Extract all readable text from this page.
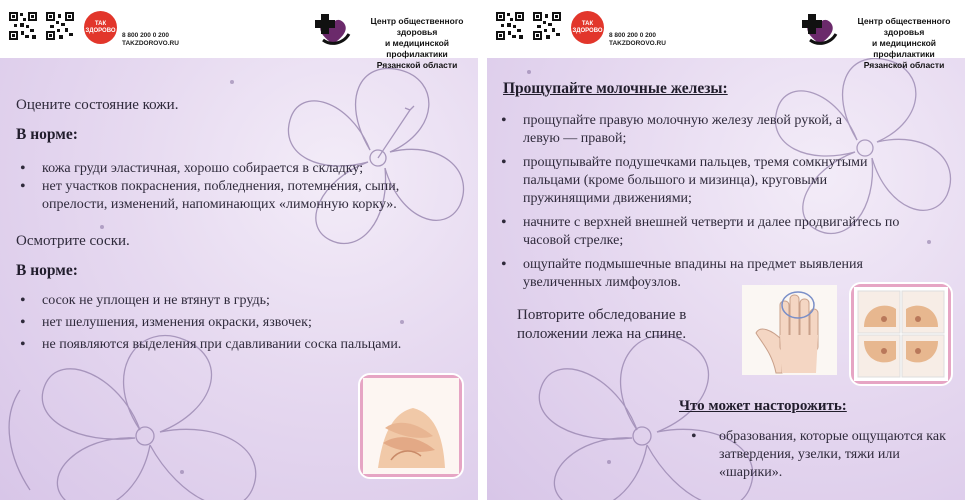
ТАК ЗДОРОВО
8 800 200 0 200
TAKZDOROVO.RU
Центр общественного здоровья
и медицинской профилактики
Рязанской области
Оцените состояние кожи.
В норме:
• кожа груди эластичная, хорошо собирается в складку;
• нет участков покраснения, побледнения, потемнения, сыпи, опрелости, изменений, напоминающих «лимонную корку».
Осмотрите соски.
В норме:
• сосок не уплощен и не втянут в грудь;
• нет шелушения, изменения окраски, язвочек;
• не появляются выделения при сдавливании соска пальцами.
ТАК ЗДОРОВО
8 800 200 0 200
TAKZDOROVO.RU
Центр общественного здоровья
и медицинской профилактики
Рязанской области
Прощупайте молочные железы:
• прощупайте правую молочную железу левой рукой, а левую — правой;
• прощупывайте подушечками пальцев, тремя сомкнутыми пальцами (кроме большого и мизинца), круговыми пружинящими движениями;
• начните с верхней внешней четверти и далее продвигайтесь по часовой стрелке;
• ощупайте подмышечные впадины на предмет выявления увеличенных лимфоузлов.
Повторите обследование в
положении лежа на спине.
Что может насторожить:
• образования, которые ощущаются как затвердения, узелки, тяжи или «шарики».
